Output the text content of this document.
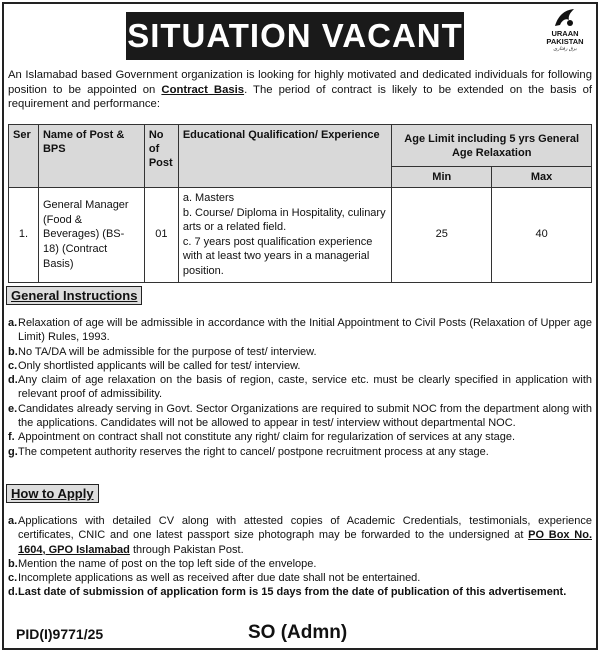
SITUATION VACANT	URAAN
PAKISTAN
برق رفتاری

An Islamabad based Government organization is looking for highly motivated and dedicated individuals for following position to be appointed on Contract Basis. The period of contract is likely to be extended on the basis of requirement and performance:

Ser	Name of Post & BPS	No of Post	Educational Qualification/ Experience	Age Limit including 5 yrs General Age Relaxation	
				Min	Max
1.	General Manager (Food & Beverages) (BS-18) (Contract Basis)	01	a. Masters
b. Course/ Diploma in Hospitality, culinary arts or a related field.
c. 7 years post qualification experience with at least two years in a managerial position.	25	40
General Instructions
a. Relaxation of age will be admissible in accordance with the Initial Appointment to Civil Posts (Relaxation of Upper age Limit) Rules, 1993.
b. No TA/DA will be admissible for the purpose of test/ interview.
c. Only shortlisted applicants will be called for test/ interview.
d. Any claim of age relaxation on the basis of region, caste, service etc. must be clearly specified in application with relevant proof of admissibility.
e. Candidates already serving in Govt. Sector Organizations are required to submit NOC from the department along with the applications. Candidates will not be allowed to appear in test/ interview without departmental NOC.
f. Appointment on contract shall not constitute any right/ claim for regularization of services at any stage.
g. The competent authority reserves the right to cancel/ postpone recruitment process at any stage.
How to Apply
a. Applications with detailed CV along with attested copies of Academic Credentials, testimonials, experience certificates, CNIC and one latest passport size photograph may be forwarded to the undersigned at PO Box No. 1604, GPO Islamabad through Pakistan Post.
b. Mention the name of post on the top left side of the envelope.
c. Incomplete applications as well as received after due date shall not be entertained.
d. Last date of submission of application form is 15 days from the date of publication of this advertisement.
PID(I)9771/25	SO (Admn)
